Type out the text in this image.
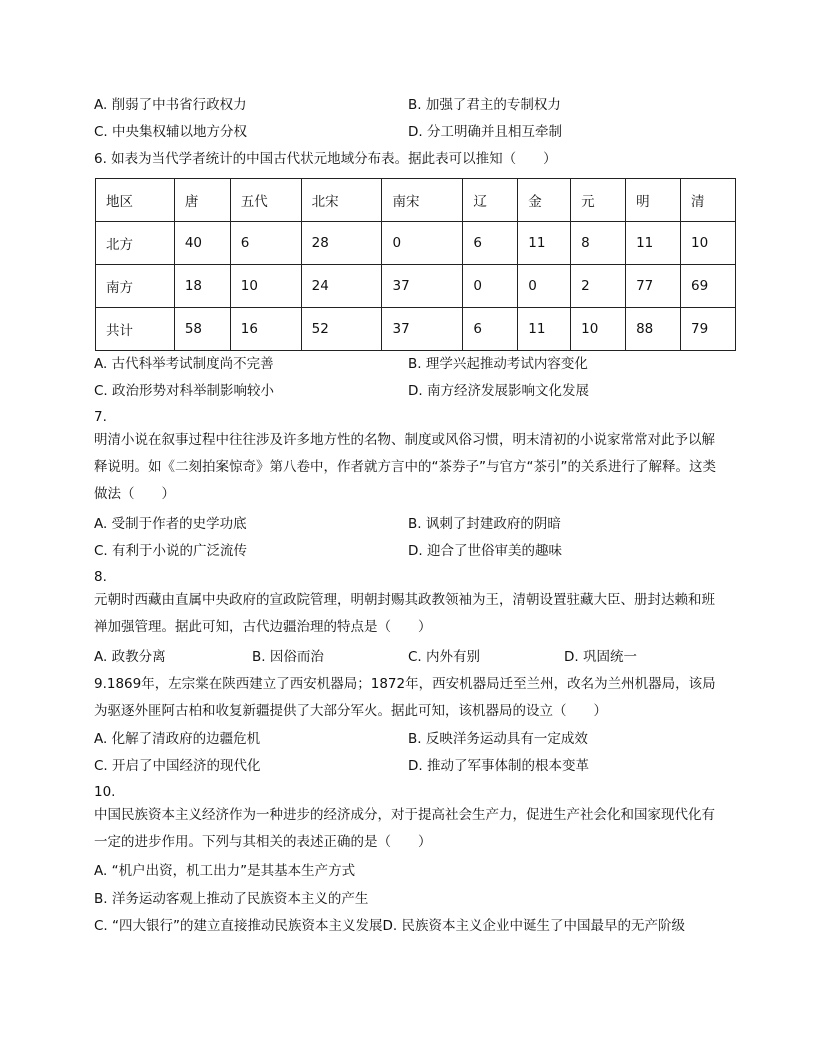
A. 削弱了中书省行政权力	B. 加强了君主的专制权力
C. 中央集权辅以地方分权	D. 分工明确并且相互牵制
6. 如表为当代学者统计的中国古代状元地域分布表。据此表可以推知（　　）
地区	唐	五代	北宋	南宋	辽	金	元	明	清
北方	40	6	28	0	6	11	8	11	10
南方	18	10	24	37	0	0	2	77	69
共计	58	16	52	37	6	11	10	88	79
A. 古代科举考试制度尚不完善	B. 理学兴起推动考试内容变化
C. 政治形势对科举制影响较小	D. 南方经济发展影响文化发展
7.
明清小说在叙事过程中往往涉及许多地方性的名物、制度或风俗习惯，明末清初的小说家常常对此予以解释说明。如《二刻拍案惊奇》第八卷中，作者就方言中的“茶券子”与官方“茶引”的关系进行了解释。这类做法（　　）
A. 受制于作者的史学功底	B. 讽刺了封建政府的阴暗
C. 有利于小说的广泛流传	D. 迎合了世俗审美的趣味
8.
元朝时西藏由直属中央政府的宣政院管理，明朝封赐其政教领袖为王，清朝设置驻藏大臣、册封达赖和班禅加强管理。据此可知，古代边疆治理的特点是（　　）
A. 政教分离	B. 因俗而治	C. 内外有别	D. 巩固统一
9.1869年，左宗棠在陕西建立了西安机器局；1872年，西安机器局迁至兰州，改名为兰州机器局，该局为驱逐外匪阿古柏和收复新疆提供了大部分军火。据此可知，该机器局的设立（　　）
A. 化解了清政府的边疆危机	B. 反映洋务运动具有一定成效
C. 开启了中国经济的现代化	D. 推动了军事体制的根本变革
10.
中国民族资本主义经济作为一种进步的经济成分，对于提高社会生产力，促进生产社会化和国家现代化有一定的进步作用。下列与其相关的表述正确的是（　　）
A. “机户出资，机工出力”是其基本生产方式
B. 洋务运动客观上推动了民族资本主义的产生
C. “四大银行”的建立直接推动民族资本主义发展D. 民族资本主义企业中诞生了中国最早的无产阶级
